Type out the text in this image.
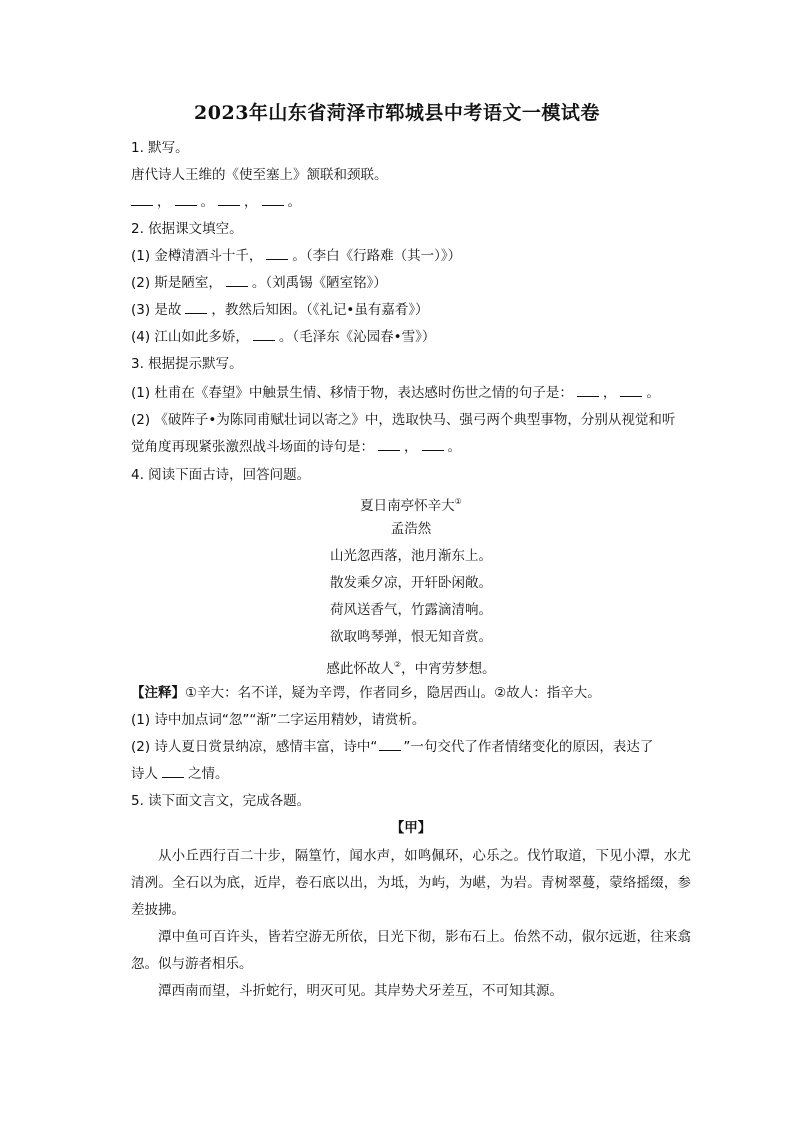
2023年山东省菏泽市郓城县中考语文一模试卷
1. 默写。
唐代诗人王维的《使至塞上》颔联和颈联。
， 。 ， 。
2. 依据课文填空。
(1) 金樽清酒斗十千， 。（李白《行路难（其一）》）
(2) 斯是陋室， 。（刘禹锡《陋室铭》）
(3) 是故 ，教然后知困。（《礼记•虽有嘉肴》）
(4) 江山如此多娇， 。（毛泽东《沁园春•雪》）
3. 根据提示默写。
(1) 杜甫在《春望》中触景生情、移情于物，表达感时伤世之情的句子是： ， 。
(2) 《破阵子•为陈同甫赋壮词以寄之》中，选取快马、强弓两个典型事物，分别从视觉和听
觉角度再现紧张激烈战斗场面的诗句是： ， 。
4. 阅读下面古诗，回答问题。
夏日南亭怀辛大①
孟浩然
山光忽西落，池月渐东上。
散发乘夕凉，开轩卧闲敞。
荷风送香气，竹露滴清响。
欲取鸣琴弹，恨无知音赏。
感此怀故人②，中宵劳梦想。
【注释】①辛大：名不详，疑为辛谔，作者同乡，隐居西山。②故人：指辛大。
(1) 诗中加点词“忽”“渐”二字运用精妙，请赏析。
(2) 诗人夏日赏景纳凉，感情丰富，诗中“ ”一句交代了作者情绪变化的原因，表达了
诗人 之情。
5. 读下面文言文，完成各题。
【甲】
从小丘西行百二十步，隔篁竹，闻水声，如鸣佩环，心乐之。伐竹取道，下见小潭，水尤清冽。全石以为底，近岸，卷石底以出，为坻，为屿，为嵁，为岩。青树翠蔓，蒙络摇缀，参差披拂。
潭中鱼可百许头，皆若空游无所依，日光下彻，影布石上。佁然不动，俶尔远逝，往来翕忽。似与游者相乐。
潭西南而望，斗折蛇行，明灭可见。其岸势犬牙差互，不可知其源。
